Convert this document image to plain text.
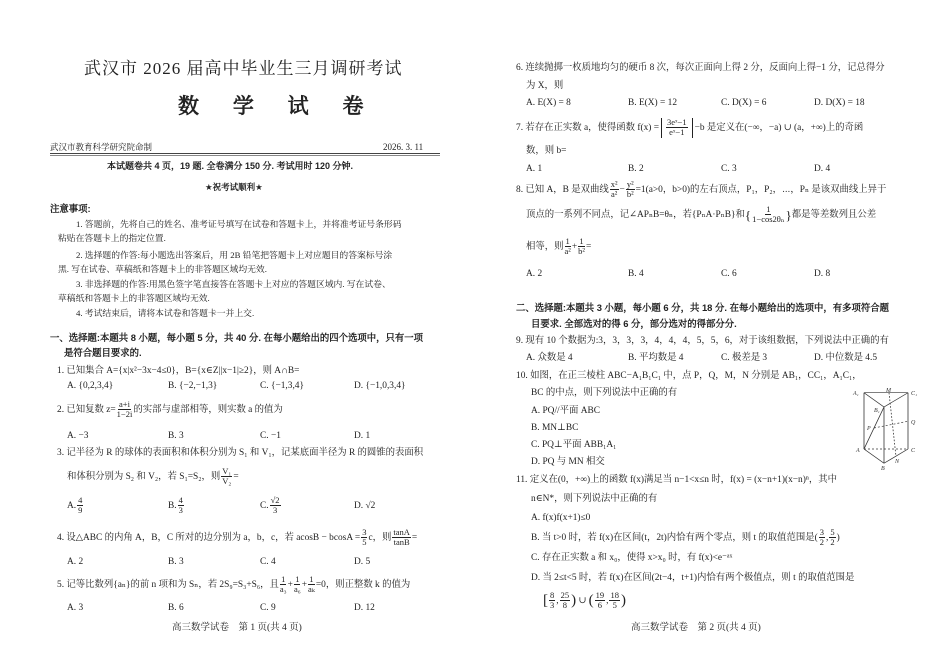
武汉市 2026 届高中毕业生三月调研考试
数 学 试 卷
武汉市教育科学研究院命制	2026. 3. 11
本试题卷共 4 页，19 题. 全卷满分 150 分. 考试用时 120 分钟.
★祝考试顺利★
注意事项:
1. 答题前，先将自己的姓名、准考证号填写在试卷和答题卡上，并将准考证号条形码
粘贴在答题卡上的指定位置.
2. 选择题的作答:每小题选出答案后，用 2B 铅笔把答题卡上对应题目的答案标号涂
黑. 写在试卷、草稿纸和答题卡上的非答题区域均无效.
3. 非选择题的作答:用黑色签字笔直接答在答题卡上对应的答题区域内. 写在试卷、
草稿纸和答题卡上的非答题区域均无效.
4. 考试结束后，请将本试卷和答题卡一并上交.
一、选择题:本题共 8 小题，每小题 5 分，共 40 分. 在每小题给出的四个选项中，只有一项
是符合题目要求的.
1. 已知集合 A={x|x²−3x−4≤0}，B={x∈Z||x−1|≥2}，则 A∩B=
A. {0,2,3,4}	B. {−2,−1,3}	C. {−1,3,4}	D. {−1,0,3,4}
2. 已知复数 $z= \frac{a+i}{1-2i}$ 的实部与虚部相等，则实数 a 的值为
A. −3	B. 3	C. −1	D. 1
3. 记半径为 R 的球体的表面积和体积分别为 S₁ 和 V₁，记某底面半径为 R 的圆锥的表面积
和体积分别为 S₂ 和 V₂，若 S₁=S₂，则 $\frac{\text{V₁}}{\text{V₂}}$ =
A. $\frac{4}{9}$	B. $\frac{4}{3}$	C. $\frac{√2}{3}$	D. √2
4. 设△ABC 的内角 A，B，C 所对的边分别为 a，b，c，若 $acosB - bcosA = \frac{3}{5}$ c，则 $\frac{\tan A}{\tan B}$ =
A. 2	B. 3	C. 4	D. 5
5. 记等比数列{aₙ}的前 n 项和为 Sₙ，若 2S₉=S₃+S₆，且 $\frac{1}{\text{a₃}} + \frac{1}{\text{a₆}} + \frac{1}{\text{aₖ}} =0$，则正整数 k 的值为
A. 3	B. 6	C. 9	D. 12
高三数学试卷　第 1 页(共 4 页)
6. 连续抛掷一枚质地均匀的硬币 8 次，每次正面向上得 2 分，反面向上得−1 分，记总得分
为 X，则
A. E(X) = 8	B. E(X) = 12	C. D(X) = 6	D. D(X) = 18
7. 若存在正实数 a，使得函数 $f(x) = \frac{\text{3eˣ−1}}{\text{eˣ−1}} -b$ 是定义在(−∞，−a) ∪ (a，+∞)上的奇函
数，则 b=
A. 1	B. 2	C. 3	D. 4
8. 已知 A，B 是双曲线 $\frac{\text{x²}}{\text{a²}} - \frac{\text{y²}}{\text{b²}} =1(a>0$，b>0)的左右顶点，P₁，P₂，⋯，Pₙ 是该双曲线上异于
顶点的一系列不同点，记∠APₙB=θₙ，若{PₙA·PₙB}和{ $\frac{1}{\text{1−cos2θₙ}}$ }都是等差数列且公差
相等，则 $\frac{1}{\text{a²}} + \frac{1}{\text{b²}}$ =
A. 2	B. 4	C. 6	D. 8
二、选择题:本题共 3 小题，每小题 6 分，共 18 分. 在每小题给出的选项中，有多项符合题
目要求. 全部选对的得 6 分，部分选对的得部分分.
9. 现有 10 个数据为:3，3，3，3，4，4，4，5，5，6，对于该组数据，下列说法中正确的有
A. 众数是 4	B. 平均数是 4	C. 极差是 3	D. 中位数是 4.5
10. 如图，在正三棱柱 ABC−A₁B₁C₁ 中，点 P，Q，M，N 分别是 AB₁，CC₁，A₁C₁，
BC 的中点，则下列说法中正确的有
A. PQ//平面 ABC
B. MN⊥BC
C. PQ⊥平面 ABB₁A₁
D. PQ 与 MN 相交
A₁	M	C₁
B₁
Q
P
A	C
N
B
11. 定义在(0，+∞)上的函数 f(x)满足当 n−1<x≤n 时，f(x) = (x−n+1)(x−n)ⁿ，其中
n∈N*，则下列说法中正确的有
A. f(x)f(x+1)≤0
B. 当 t>0 时，若 f(x)在区间(t，2t)内恰有两个零点，则 t 的取值范围是( $\frac{3}{2}$ , $\frac{5}{2}$ )
C. 存在正实数 a 和 x₀，使得 x>x₀ 时，有 f(x)<e⁻ᵃˣ
D. 当 2≤t<5 时，若 f(x)在区间(2t−4，t+1)内恰有两个极值点，则 t 的取值范围是
[ $\frac{8}{3}$ , $\frac{25}{8}$ ) ∪ ( $\frac{19}{6}$ , $\frac{18}{5}$ )
高三数学试卷　第 2 页(共 4 页)
